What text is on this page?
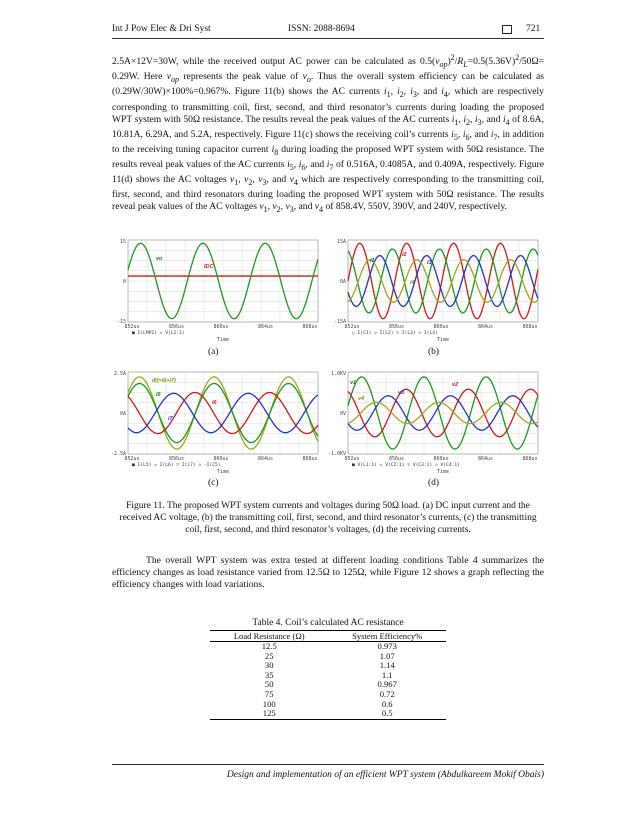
Int J Pow Elec & Dri Syst	ISSN: 2088-8694	721

2.5A×12V=30W, while the received output AC power can be calculated as $0.5(v_{op})^2/R_L=0.5(5.36V)^2/50\Omega= 0.29W$. Here $v_{op}$ represents the peak value of $v_o$. Thus the overall system efficiency can be calculated as (0.29W/30W)×100%=0.967%. Figure 11(b) shows the AC currents $i_1$, $i_2$, $i_3$, and $i_4$, which are respectively corresponding to transmitting coil, first, second, and third resonator’s currents during loading the proposed WPT system with 50Ω resistance. The results reveal the peak values of the AC currents $i_1$, $i_2$, $i_3$, and $i_4$ of 8.6A, 10.81A, 6.29A, and 5.2A, respectively. Figure 11(c) shows the receiving coil’s currents $i_5$, $i_6$, and $i_7$, in addition to the receiving tuning capacitor current $i_8$ during loading the proposed WPT system with 50Ω resistance. The results reveal peak values of the AC currents $i_5$, $i_6$, and $i_7$ of 0.516A, 0.4085A, and 0.409A, respectively. Figure 11(d) shows the AC voltages $v_1$, $v_2$, $v_3$, and $v_4$ which are respectively corresponding to the transmitting coil, first, second, and third resonators during loading the proposed WPT system with 50Ω resistance. The results reveal peak values of the AC voltages $v_1$, $v_2$, $v_3$, and $v_4$ of 858.4V, 550V, 390V, and 240V, respectively.

15
0
-15
852us	856us	860us	864us	868us
■ I(LMP2) ◇ V(L2:1)
Time
vo
IDC
(a)
15A
0A
-15A
852us	856us	860us	864us	868us
○ I(C1) ◇ I(L2) ▽ I(L3) ◇ I(L4)
Time
i2
i1	i3
i4
(b)
2.5A
0A
-2.5A
852us	856us	860us	864us	868us
■ I(L5) ◇ I(L6) ▽ I(L7) ◇ -I(C5)
Time
i8(=i6+i7)
i5
i6
i7
(c)
1.0KV
0V
-1.0KV
852us	856us	860us	864us	868us
■ V(L1:1) ◇ V(C2:1) ▽ V(C3:1) ◇ V(C4:1)
Time
v1	v2
v3
v4
(d)

Figure 11. The proposed WPT system currents and voltages during 50Ω load. (a) DC input current and the received AC voltage, (b) the transmitting coil, first, second, and third resonator’s currents, (c) the transmitting coil, first, second, and third resonator’s voltages, (d) the receiving currents.

The overall WPT system was extra tested at different loading conditions Table 4 summarizes the efficiency changes as load resistance varied from 12.5Ω to 125Ω, while Figure 12 shows a graph reflecting the efficiency changes with load variations.

Table 4. Coil’s calculated AC resistance
Load Resistance (Ω)	System Efficiency%
12.5	0.973
25	1.07
30	1.14
35	1.1
50	0.967
75	0.72
100	0.6
125	0.5
Design and implementation of an efficient WPT system (Abdulkareem Mokif Obais)
